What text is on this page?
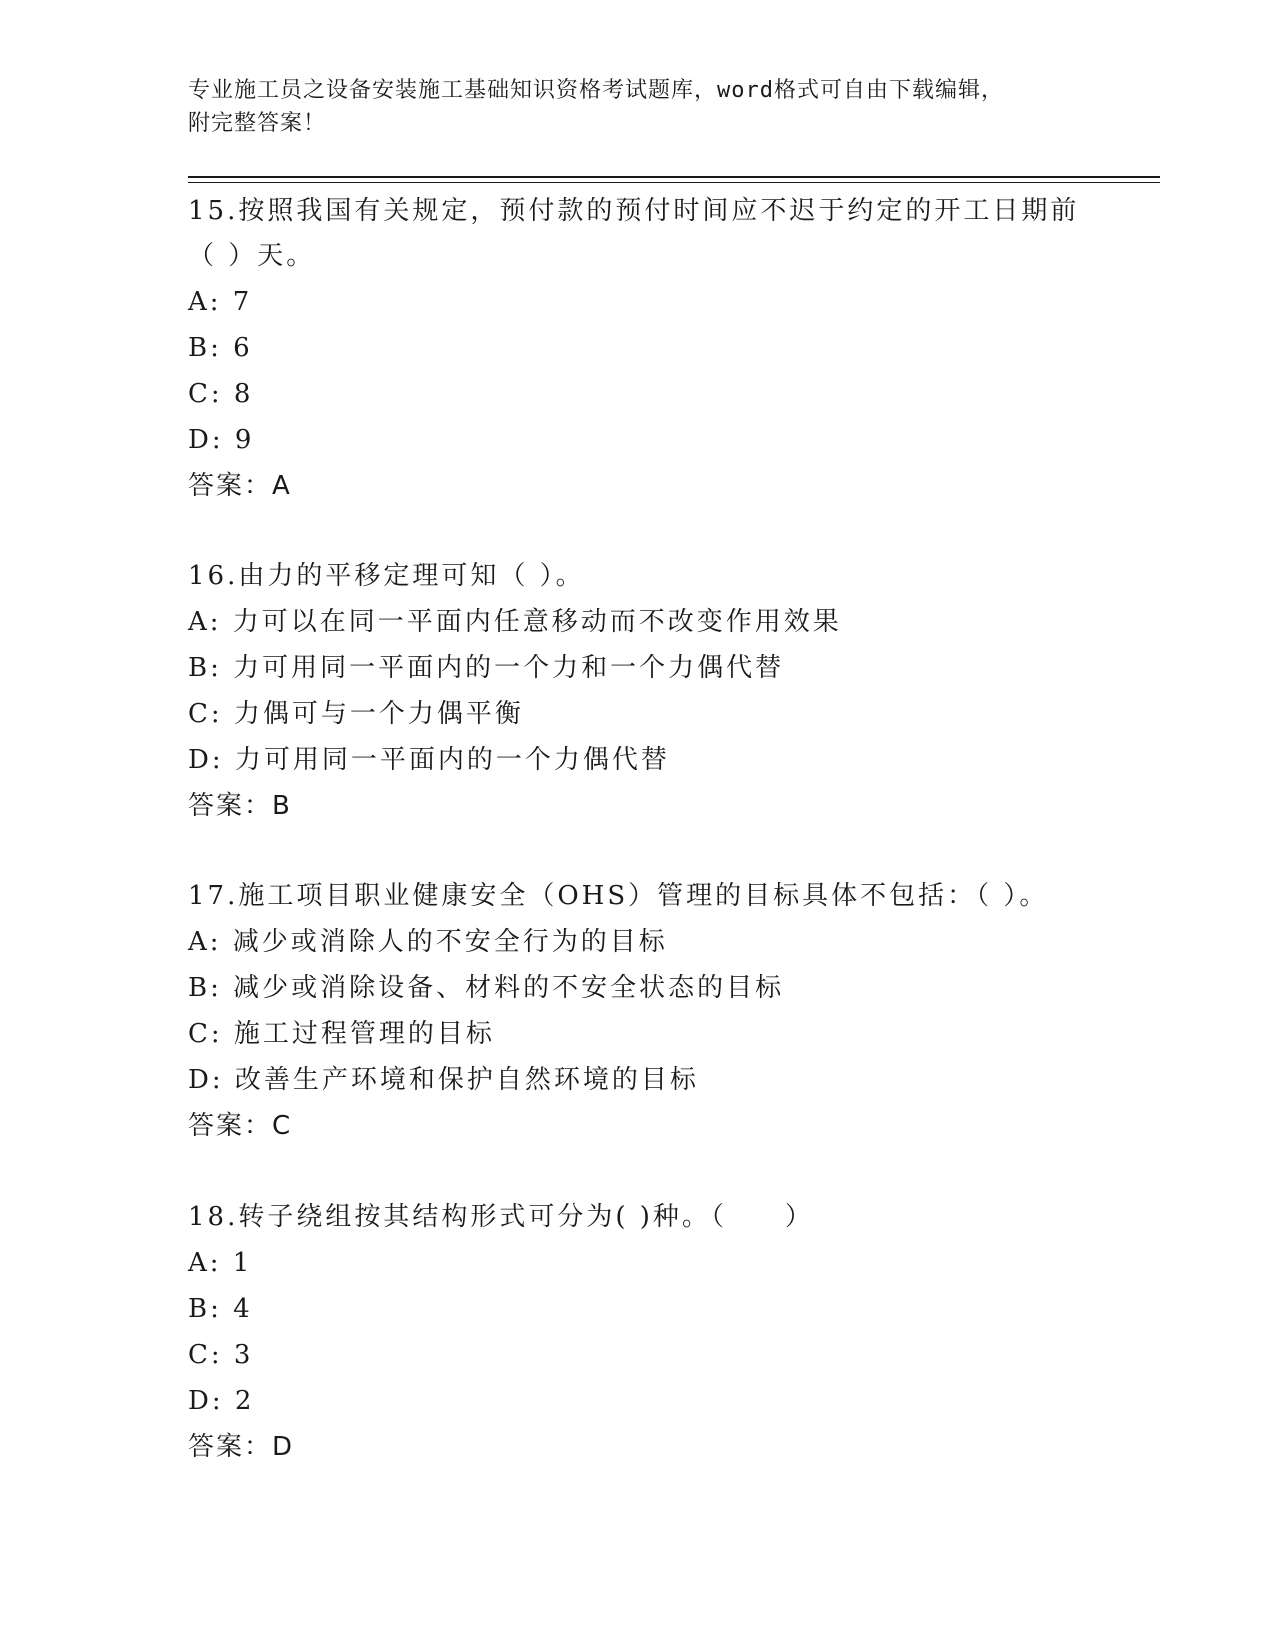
专业施工员之设备安装施工基础知识资格考试题库，word格式可自由下载编辑，
附完整答案！

15.按照我国有关规定，预付款的预付时间应不迟于约定的开工日期前

（ ）天。

A: 7

B: 6

C: 8

D: 9

答案：A

16.由力的平移定理可知（ ）。

A: 力可以在同一平面内任意移动而不改变作用效果

B: 力可用同一平面内的一个力和一个力偶代替

C: 力偶可与一个力偶平衡

D: 力可用同一平面内的一个力偶代替

答案：B

17.施工项目职业健康安全（OHS）管理的目标具体不包括：（ ）。

A: 减少或消除人的不安全行为的目标

B: 减少或消除设备、材料的不安全状态的目标

C: 施工过程管理的目标

D: 改善生产环境和保护自然环境的目标

答案：C

18.转子绕组按其结构形式可分为( )种。（　　）

A: 1

B: 4

C: 3

D: 2

答案：D
